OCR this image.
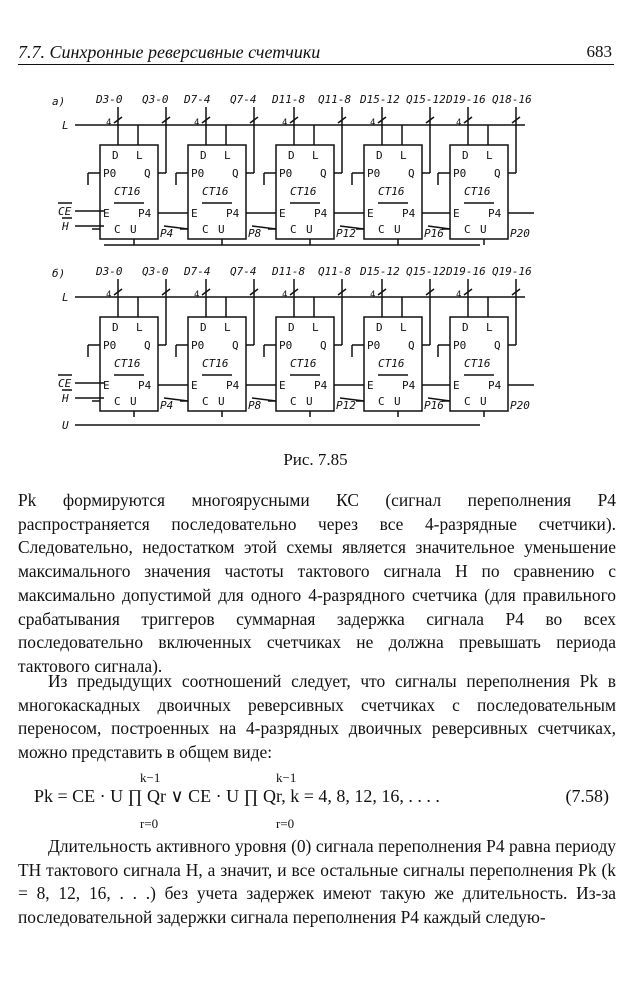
7.7. Синхронные реверсивные счетчики	683
а)
L
CE
H
D L
P0	Q
CT16
E	P4
C U
4
D3-0 Q3-0
P4
D L
P0	Q
CT16
E	P4
C U
4
D7-4 Q7-4
P8
D L
P0	Q
CT16
E	P4
C U
4
D11-8 Q11-8
P12
D L
P0	Q
CT16
E	P4
C U
4
D15-12 Q15-12
P16
D L
P0	Q
CT16
E	P4
C U
4
D19-16 Q18-16
P20
б)
L
CE
H
U
D L
P0	Q
CT16
E	P4
C U
4
D3-0 Q3-0
P4
D L
P0	Q
CT16
E	P4
C U
4
D7-4 Q7-4
P8
D L
P0	Q
CT16
E	P4
C U
4
D11-8 Q11-8
P12
D L
P0	Q
CT16
E	P4
C U
4
D15-12 Q15-12
P16
D L
P0	Q
CT16
E	P4
C U
4
D19-16 Q19-16
P20
Рис. 7.85

Pk формируются многоярусными КС (сигнал переполнения P4 распространяется последовательно через все 4-разрядные счетчики). Следовательно, недостатком этой схемы является значительное уменьшение максимального значения частоты тактового сигнала H по сравнению с максимально допустимой для одного 4-разрядного счетчика (для правильного срабатывания триггеров суммарная задержка сигнала P4 во всех последовательно включенных счетчиках не должна превышать периода тактового сигнала).

Из предыдущих соотношений следует, что сигналы переполнения Pk в многокаскадных двоичных реверсивных счетчиках с последовательным переносом, построенных на 4-разрядных двоичных реверсивных счетчиках, можно представить в общем виде:

Pk = CE · U ∏ Qr ∨ CE · U ∏ Qr, k = 4, 8, 12, 16, . . . .
k−1
r=0
k−1
r=0
(7.58)

Длительность активного уровня (0) сигнала переполнения P4 равна периоду TH тактового сигнала H, а значит, и все остальные сигналы переполнения Pk (k = 8, 12, 16, . . .) без учета задержек имеют такую же длительность. Из-за последовательной задержки сигнала переполнения P4 каждый следую-
